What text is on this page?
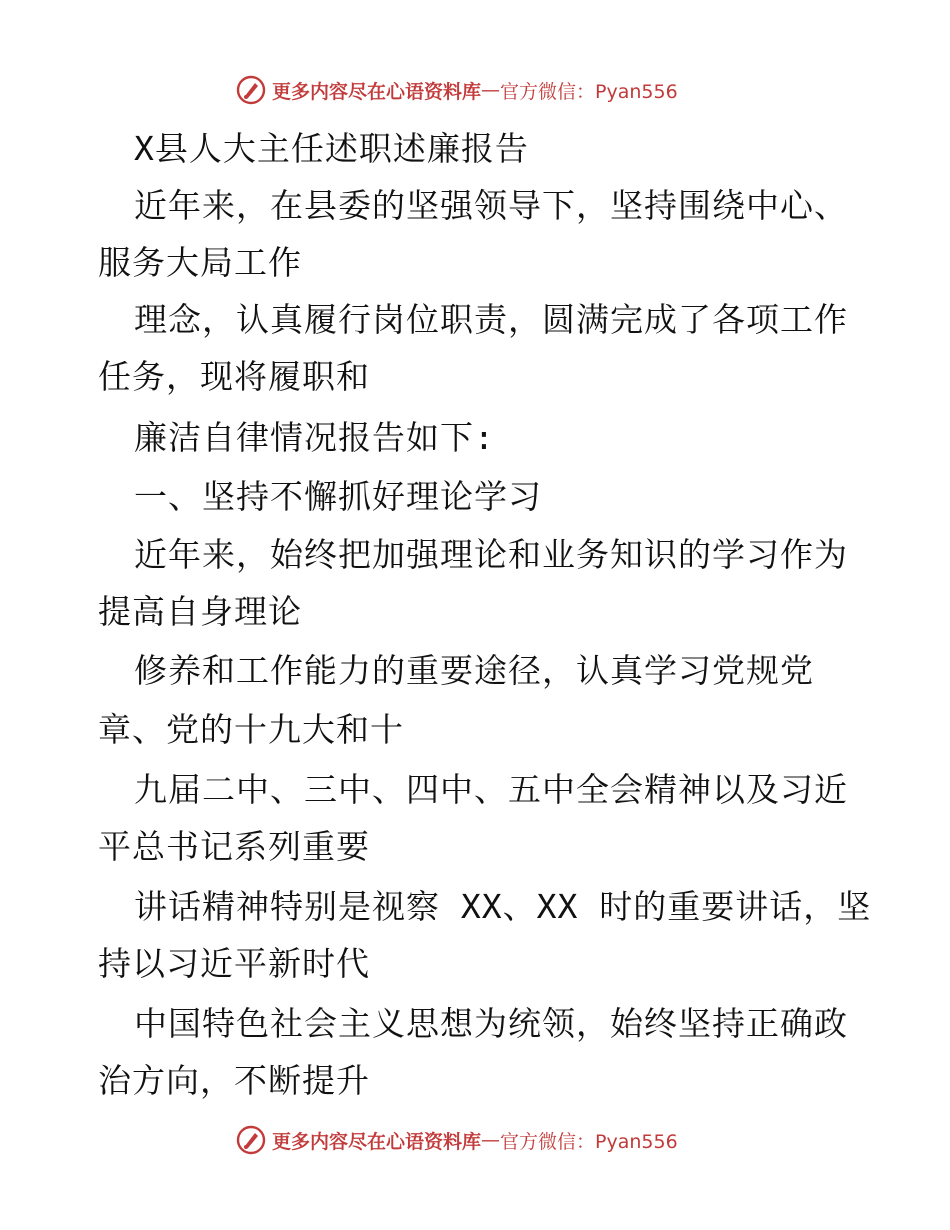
更多内容尽在心语资料库 — 官方微信：Pyan556
X县人大主任述职述廉报告
近年来，在县委的坚强领导下，坚持围绕中心、
服务大局工作
理念，认真履行岗位职责，圆满完成了各项工作
任务，现将履职和
廉洁自律情况报告如下:
一、坚持不懈抓好理论学习
近年来，始终把加强理论和业务知识的学习作为
提高自身理论
修养和工作能力的重要途径，认真学习党规党
章、党的十九大和十
九届二中、三中、四中、五中全会精神以及习近
平总书记系列重要
讲话精神特别是视察 XX、XX 时的重要讲话，坚
持以习近平新时代
中国特色社会主义思想为统领，始终坚持正确政
治方向，不断提升
更多内容尽在心语资料库 — 官方微信：Pyan556
